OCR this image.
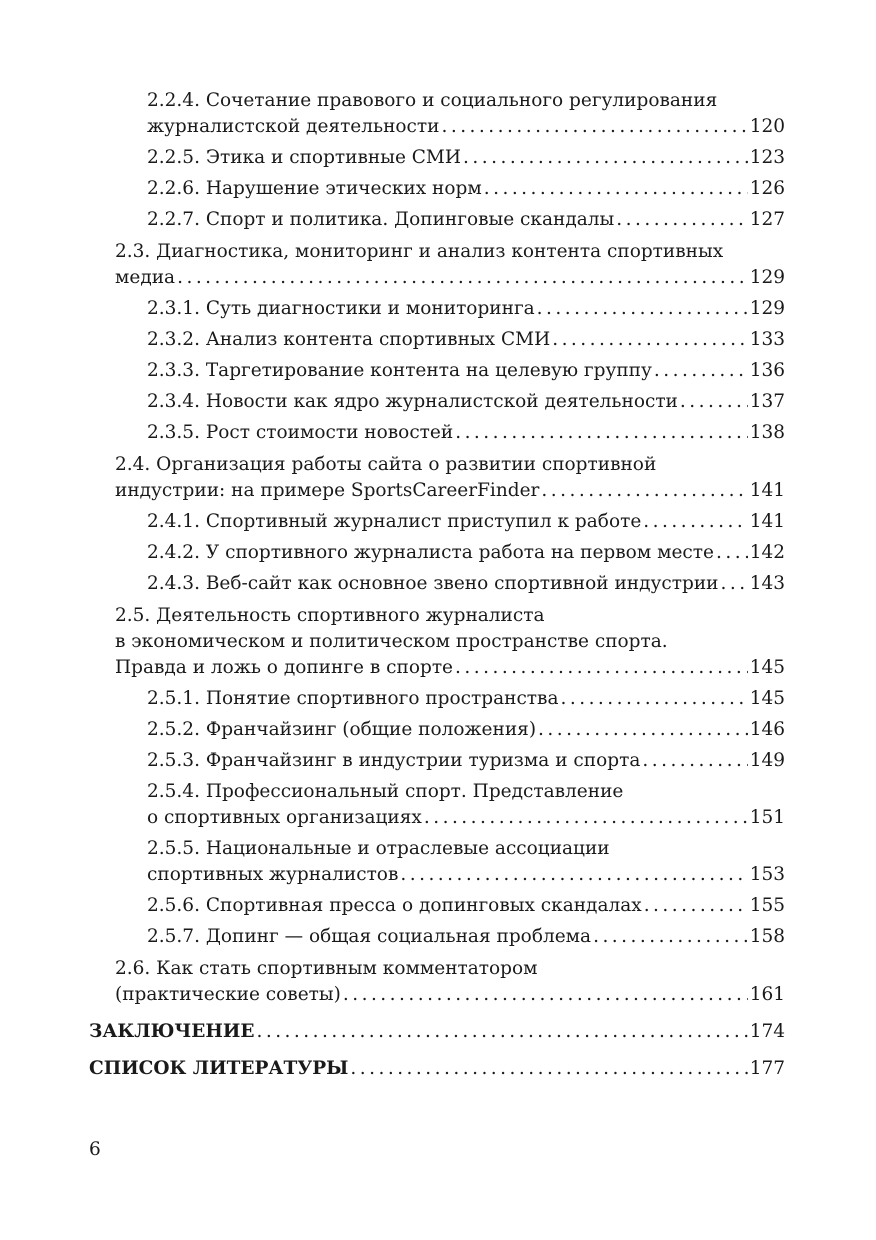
2.2.4. Сочетание правового и социального регулирования
журналистской деятельности . . .	120
2.2.5. Этика и спортивные СМИ . . .	123
2.2.6. Нарушение этических норм . . .	126
2.2.7. Спорт и политика. Допинговые скандалы . . .	127
2.3. Диагностика, мониторинг и анализ контента спортивных
медиа . . .	129
2.3.1. Суть диагностики и мониторинга . . .	129
2.3.2. Анализ контента спортивных СМИ . . .	133
2.3.3. Таргетирование контента на целевую группу . . .	136
2.3.4. Новости как ядро журналистской деятельности . . .	137
2.3.5. Рост стоимости новостей . . .	138
2.4. Организация работы сайта о развитии спортивной
индустрии: на примере SportsCareerFinder . . .	141
2.4.1. Спортивный журналист приступил к работе . . .	141
2.4.2. У спортивного журналиста работа на первом месте . . . 142
2.4.3. Веб-сайт как основное звено спортивной индустрии . . . 143
2.5. Деятельность спортивного журналиста
в экономическом и политическом пространстве спорта.
Правда и ложь о допинге в спорте . . .	145
2.5.1. Понятие спортивного пространства . . .	145
2.5.2. Франчайзинг (общие положения) . . .	146
2.5.3. Франчайзинг в индустрии туризма и спорта . . .	149
2.5.4. Профессиональный спорт. Представление
о спортивных организациях . . .	151
2.5.5. Национальные и отраслевые ассоциации
спортивных журналистов . . .	153
2.5.6. Спортивная пресса о допинговых скандалах . . .	155
2.5.7. Допинг — общая социальная проблема . . .	158
2.6. Как стать спортивным комментатором
(практические советы) . . .	161
ЗАКЛЮЧЕНИЕ . . .	174
СПИСОК ЛИТЕРАТУРЫ . . .	177
6
